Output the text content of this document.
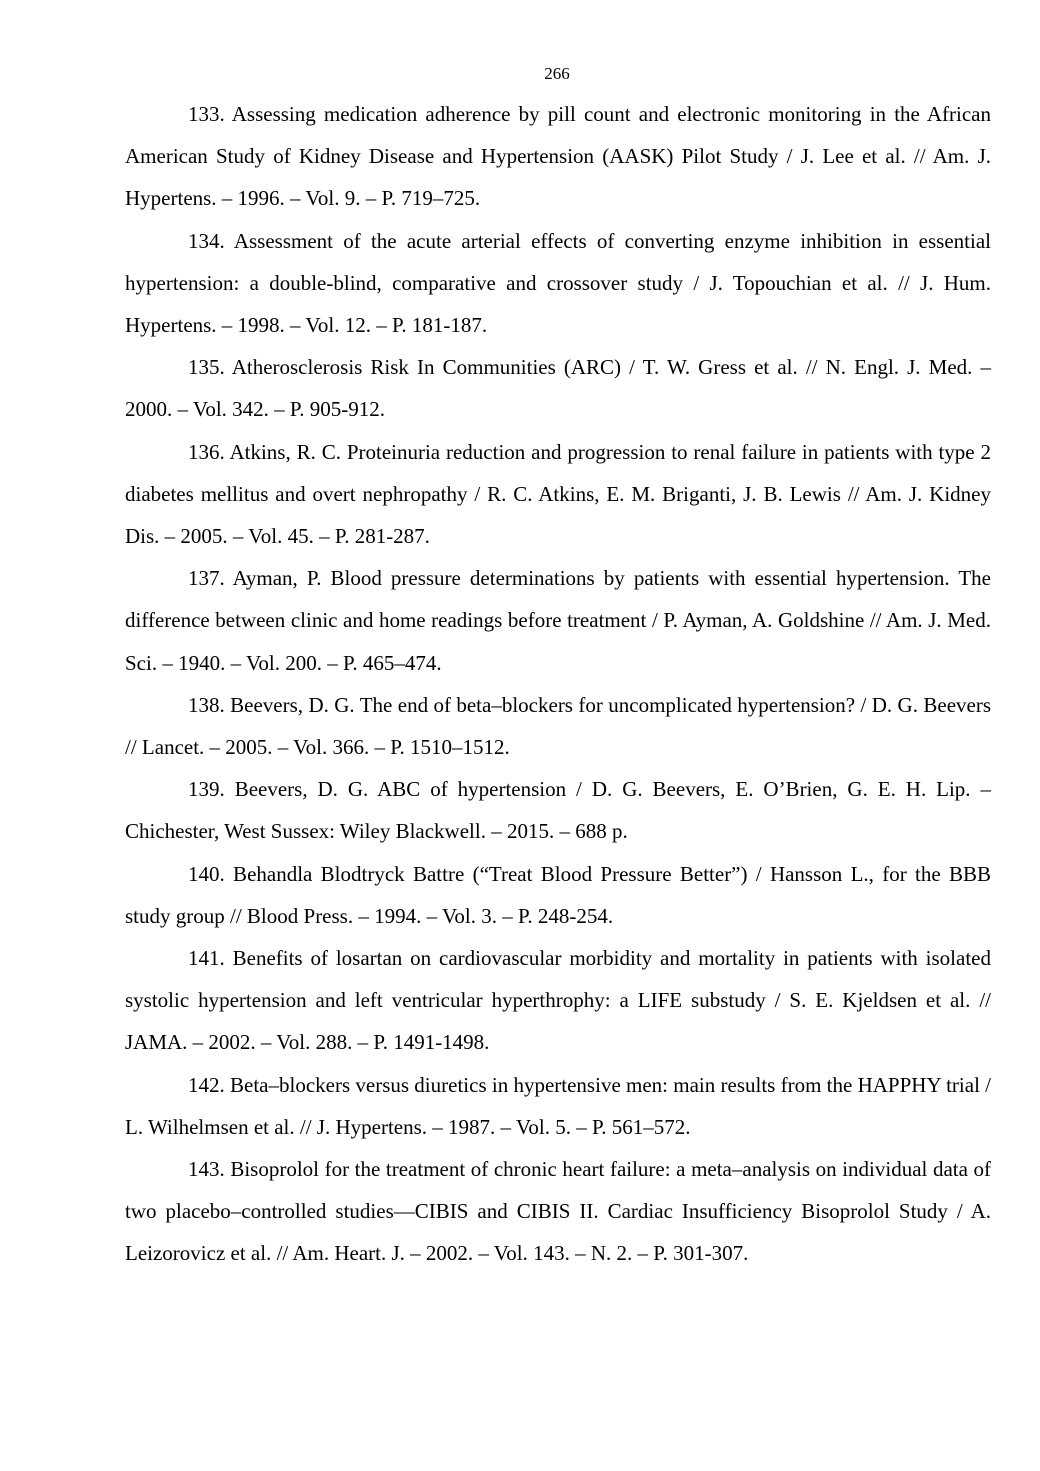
266

133. Assessing medication adherence by pill count and electronic monitoring in the African American Study of Kidney Disease and Hypertension (AASK) Pilot Study / J. Lee et al. // Am. J. Hypertens. – 1996. – Vol. 9. – P. 719–725.

134. Assessment of the acute arterial effects of converting enzyme inhibition in essential hypertension: a double-blind, comparative and crossover study / J. Topouchian et al. // J. Hum. Hypertens. – 1998. – Vol. 12. – P. 181-187.

135. Atherosclerosis Risk In Communities (ARC) / T. W. Gress et al. // N. Engl. J. Med. – 2000. – Vol. 342. – P. 905-912.

136. Atkins, R. C. Proteinuria reduction and progression to renal failure in patients with type 2 diabetes mellitus and overt nephropathy / R. C. Atkins, E. M. Briganti, J. B. Lewis // Am. J. Kidney Dis. – 2005. – Vol. 45. – P. 281-287.

137. Ayman, P. Blood pressure determinations by patients with essential hypertension. The difference between clinic and home readings before treatment / P. Ayman, A. Goldshine // Am. J. Med. Sci. – 1940. – Vol. 200. – P. 465–474.

138. Beevers, D. G. The end of beta–blockers for uncomplicated hypertension? / D. G. Beevers // Lancet. – 2005. – Vol. 366. – P. 1510–1512.

139. Beevers, D. G. ABC of hypertension / D. G. Beevers, E. O’Brien, G. E. H. Lip. – Chichester, West Sussex: Wiley Blackwell. – 2015. – 688 p.

140. Behandla Blodtryck Battre (“Treat Blood Pressure Better”) / Hansson L., for the BBB study group // Blood Press. – 1994. – Vol. 3. – P. 248-254.

141. Benefits of losartan on cardiovascular morbidity and mortality in patients with isolated systolic hypertension and left ventricular hyperthrophy: a LIFE substudy / S. E. Kjeldsen et al. // JAMA. – 2002. – Vol. 288. – P. 1491-1498.

142. Beta–blockers versus diuretics in hypertensive men: main results from the HAPPHY trial / L. Wilhelmsen et al. // J. Hypertens. – 1987. – Vol. 5. – P. 561–572.

143. Bisoprolol for the treatment of chronic heart failure: a meta–analysis on individual data of two placebo–controlled studies—CIBIS and CIBIS II. Cardiac Insufficiency Bisoprolol Study / A. Leizorovicz et al. // Am. Heart. J. – 2002. – Vol. 143. – N. 2. – P. 301-307.
